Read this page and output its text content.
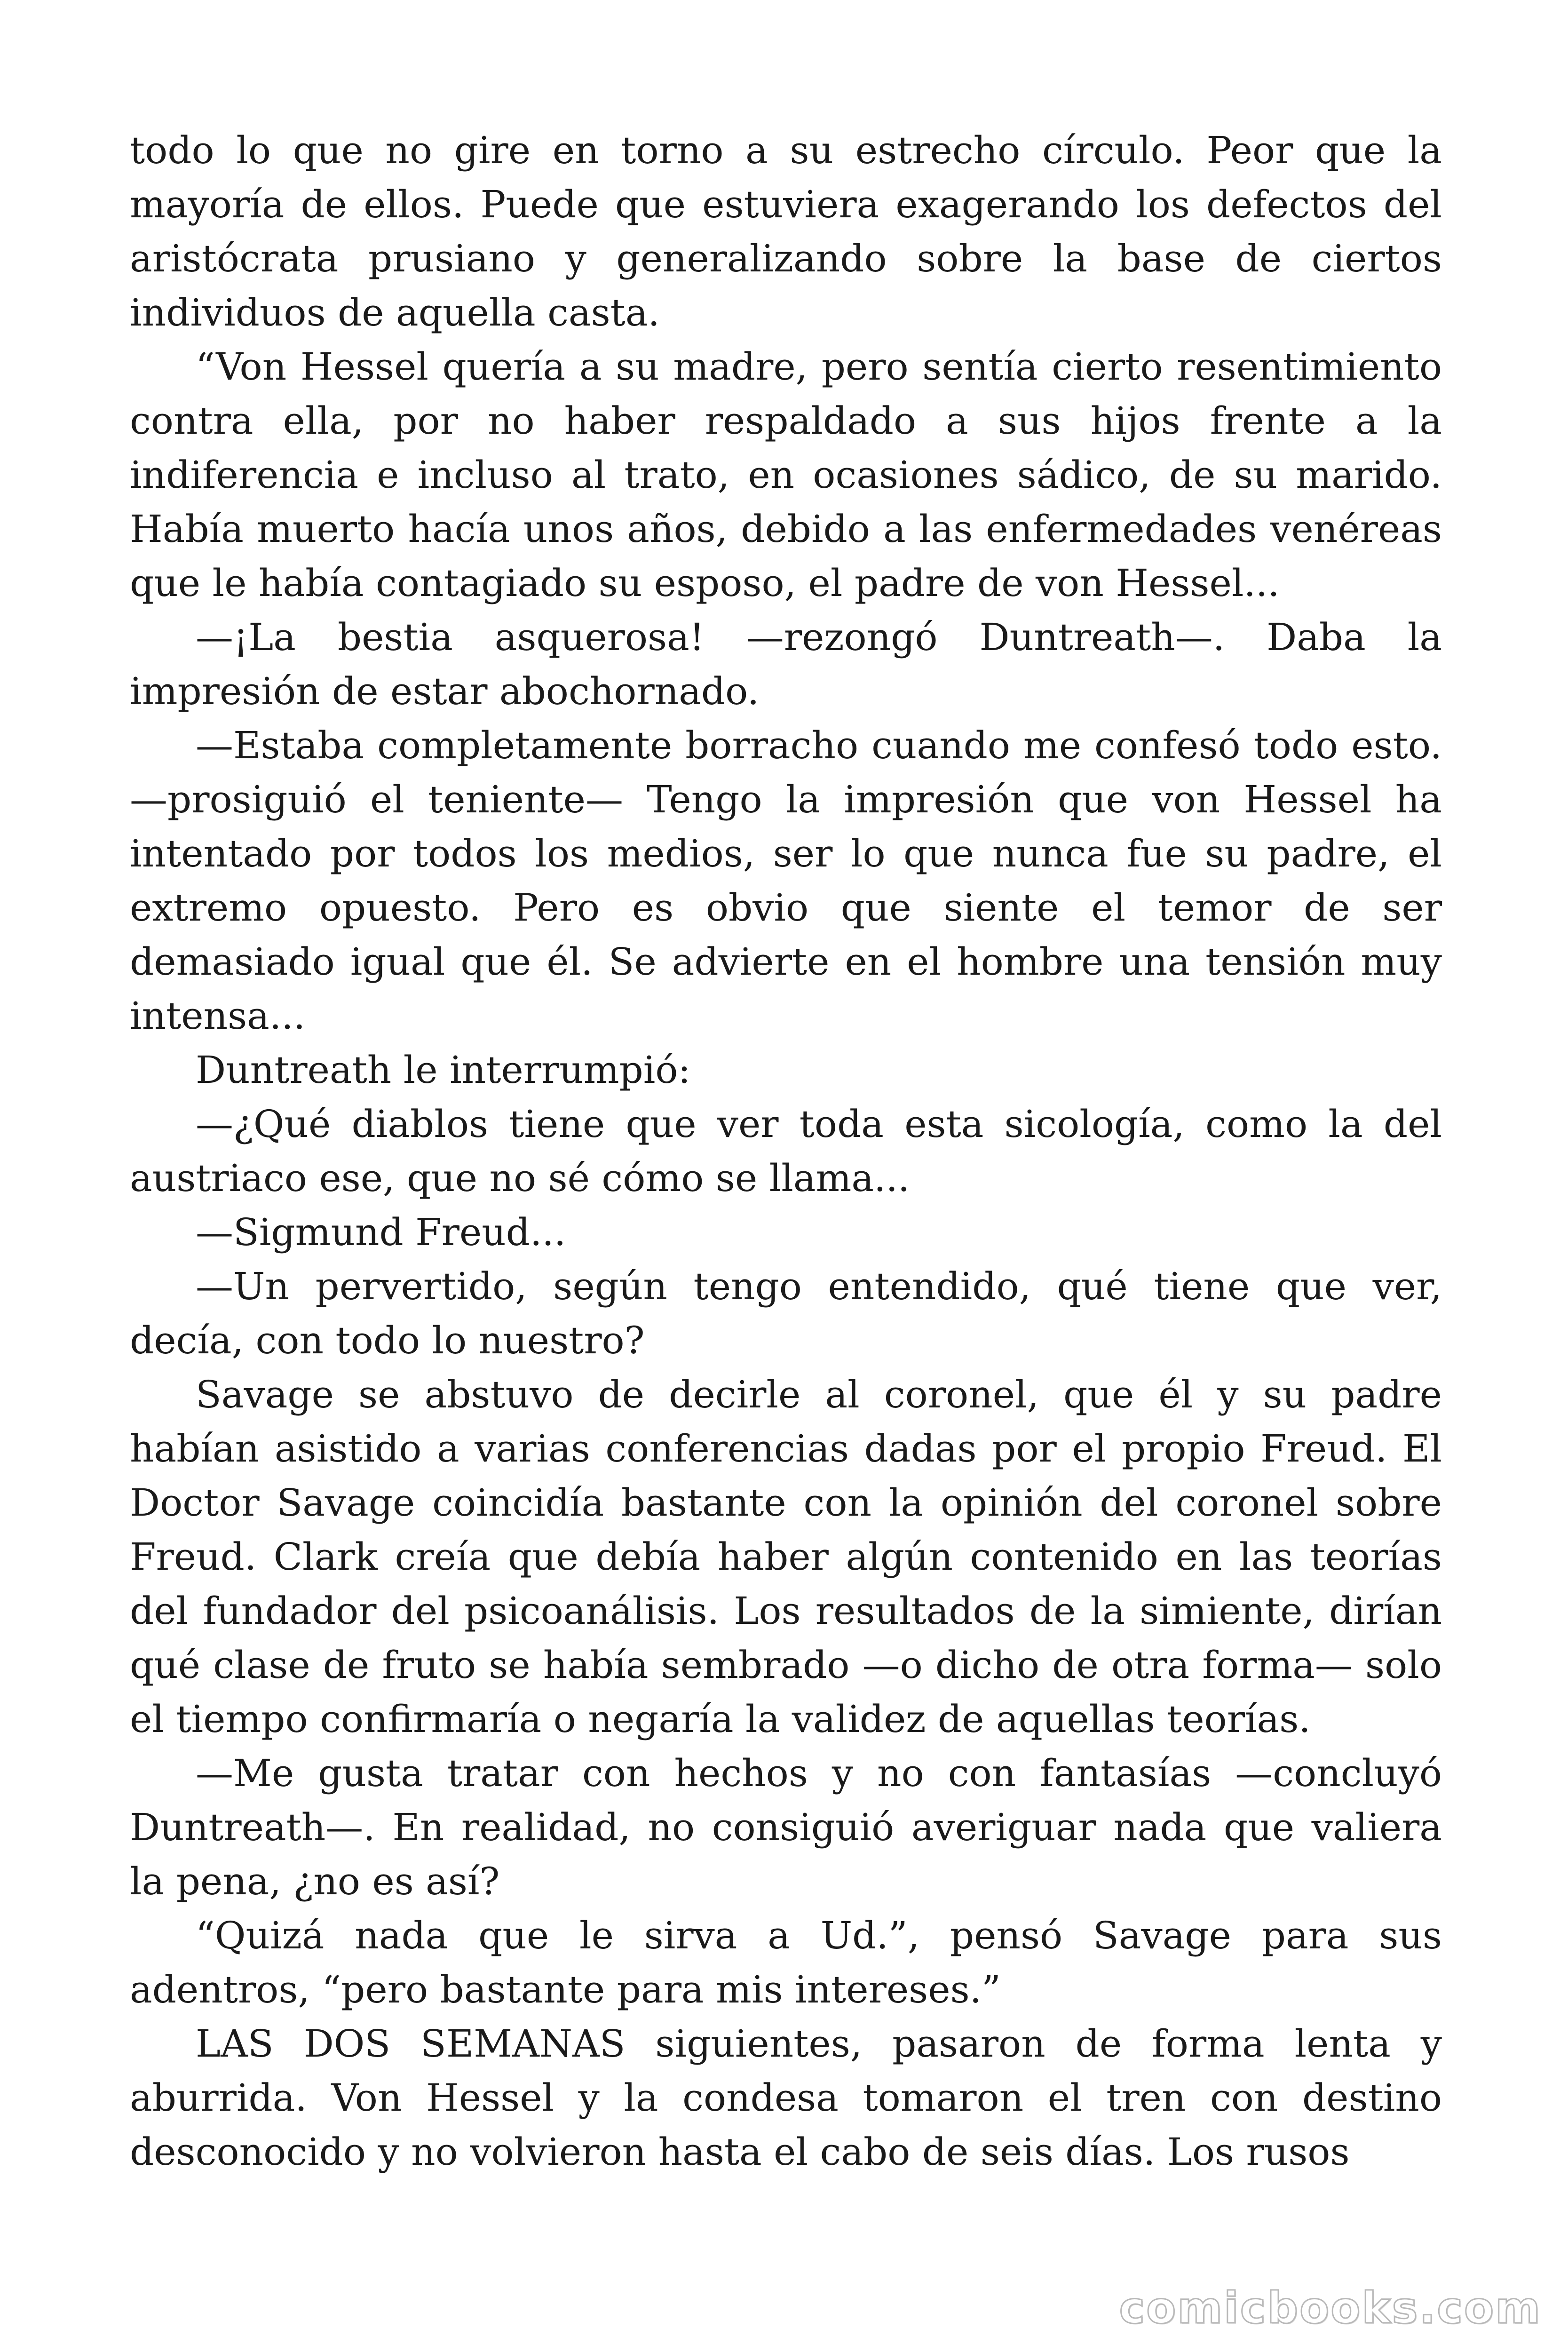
todo lo que no gire en torno a su estrecho círculo. Peor que la mayoría de ellos. Puede que estuviera exagerando los defectos del aristócrata prusiano y generalizando sobre la base de ciertos individuos de aquella casta.

“Von Hessel quería a su madre, pero sentía cierto resentimiento contra ella, por no haber respaldado a sus hijos frente a la indiferencia e incluso al trato, en ocasiones sádico, de su marido. Había muerto hacía unos años, debido a las enfermedades venéreas que le había contagiado su esposo, el padre de von Hessel...

—¡La bestia asquerosa! —rezongó Duntreath—. Daba la impresión de estar abochornado.

—Estaba completamente borracho cuando me confesó todo esto. —prosiguió el teniente— Tengo la impresión que von Hessel ha intentado por todos los medios, ser lo que nunca fue su padre, el extremo opuesto. Pero es obvio que siente el temor de ser demasiado igual que él. Se advierte en el hombre una tensión muy intensa...

Duntreath le interrumpió:

—¿Qué diablos tiene que ver toda esta sicología, como la del austriaco ese, que no sé cómo se llama...

—Sigmund Freud...

—Un pervertido, según tengo entendido, qué tiene que ver, decía, con todo lo nuestro?

Savage se abstuvo de decirle al coronel, que él y su padre habían asistido a varias conferencias dadas por el propio Freud. El Doctor Savage coincidía bastante con la opinión del coronel sobre Freud. Clark creía que debía haber algún contenido en las teorías del fundador del psicoanálisis. Los resultados de la simiente, dirían qué clase de fruto se había sembrado —o dicho de otra forma— solo el tiempo confirmaría o negaría la validez de aquellas teorías.

—Me gusta tratar con hechos y no con fantasías —concluyó Duntreath—. En realidad, no consiguió averiguar nada que valiera la pena, ¿no es así?

“Quizá nada que le sirva a Ud.”, pensó Savage para sus adentros, “pero bastante para mis intereses.”

LAS DOS SEMANAS siguientes, pasaron de forma lenta y aburrida. Von Hessel y la condesa tomaron el tren con destino desconocido y no volvieron hasta el cabo de seis días. Los rusos

comicbooks.com
